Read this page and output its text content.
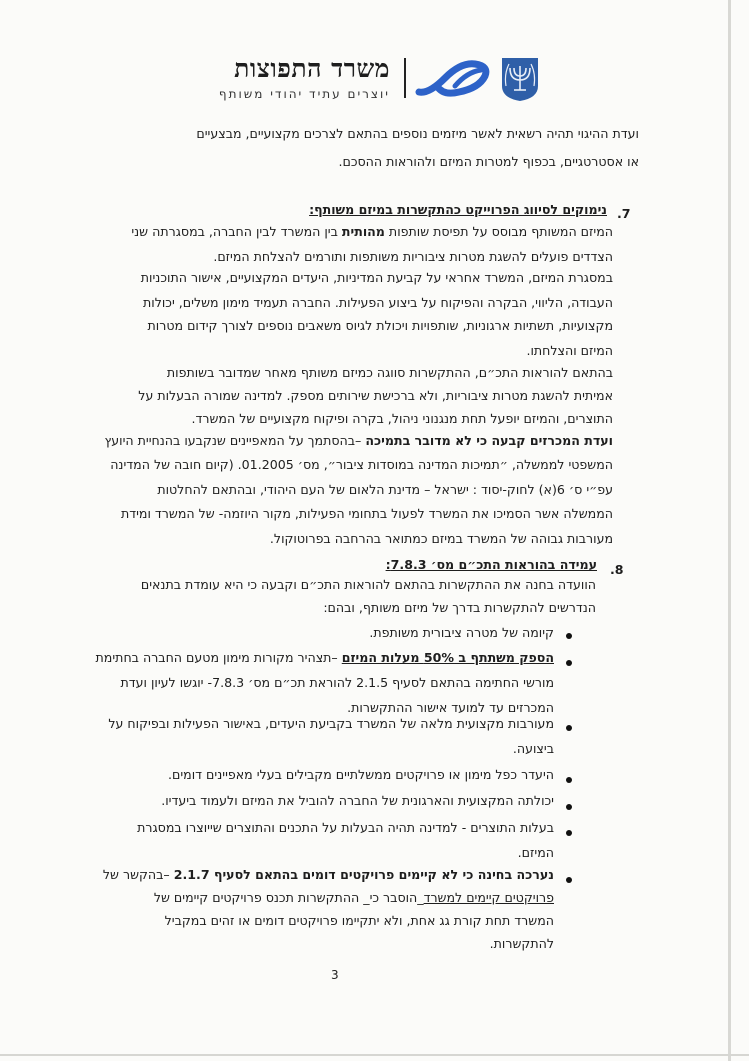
משרד התפוצות
יוצרים עתיד יהודי משותף
ועדת ההיגוי תהיה רשאית לאשר מיזמים נוספים בהתאם לצרכים מקצועיים, מבצעיים
או אסטרטגיים, בכפוף למטרות המיזם ולהוראות ההסכם.
7.
נימוקים לסיווג הפרוייקט כהתקשרות במיזם משותף:
המיזם המשותף מבוסס על תפיסת שותפות מהותית בין המשרד לבין החברה, במסגרתה שני
הצדדים פועלים להשגת מטרות ציבוריות משותפות ותורמים להצלחת המיזם.
במסגרת המיזם, המשרד אחראי על קביעת המדיניות, היעדים המקצועיים, אישור התוכניות
העבודה, הליווי, הבקרה והפיקוח על ביצוע הפעילות. החברה תעמיד מימון משלים, יכולות
מקצועיות, תשתיות ארגוניות, שותפויות ויכולת לגיוס משאבים נוספים לצורך קידום מטרות
המיזם והצלחתו.
בהתאם להוראות התכ״ם, ההתקשרות סווגה כמיזם משותף מאחר שמדובר בשותפות
אמיתית להשגת מטרות ציבוריות, ולא ברכישת שירותים מספק. למדינה שמורה הבעלות על
התוצרים, והמיזם יופעל תחת מנגנוני ניהול, בקרה ופיקוח מקצועיים של המשרד.
ועדת המכרזים קבעה כי לא מדובר בתמיכה –בהסתמך על המאפיינים שנקבעו בהנחיית היועץ
המשפטי לממשלה, ״תמיכות המדינה במוסדות ציבור״, מס׳ 01.2005. (קיום חובה של המדינה
עפ״י ס׳ 6(א) לחוק-יסוד : ישראל – מדינת הלאום של העם היהודי, ובהתאם להחלטות
הממשלה אשר הסמיכו את המשרד לפעול בתחומי הפעילות, מקור היוזמה- של המשרד ומידת
מעורבות גבוהה של המשרד במיזם כמתואר בהרחבה בפרוטוקול.
8.
עמידה בהוראות התכ״ם מס׳ 7.8.3:
הוועדה בחנה את ההתקשרות בהתאם להוראות התכ״ם וקבעה כי היא עומדת בתנאים
הנדרשים להתקשרות בדרך של מיזם משותף, ובהם:
קיומה של מטרה ציבורית משותפת.
הספק משתתף ב 50% מעלות המיזם –תצהיר מקורות מימון מטעם החברה בחתימת
מורשי החתימה בהתאם לסעיף 2.1.5 להוראת תכ״ם מס׳ 7.8.3- יוגשו לעיון ועדת
המכרזים עד למועד אישור ההתקשרות.
מעורבות מקצועית מלאה של המשרד בקביעת היעדים, באישור הפעילות ובפיקוח על
ביצועה.
היעדר כפל מימון או פרויקטים ממשלתיים מקבילים בעלי מאפיינים דומים.
יכולתה המקצועית והארגונית של החברה להוביל את המיזם ולעמוד ביעדיו.
בעלות התוצרים - למדינה תהיה הבעלות על התכנים והתוצרים שייוצרו במסגרת
המיזם.
נערכה בחינה כי לא קיימים פרויקטים דומים בהתאם לסעיף 2.1.7 –בהקשר של
פרויקטים קיימים למשרד_הוסבר כי_ ההתקשרות תכנס פרויקטים קיימים של
המשרד תחת קורת גג אחת, ולא יתקיימו פרויקטים דומים או זהים במקביל
להתקשרות.
3
